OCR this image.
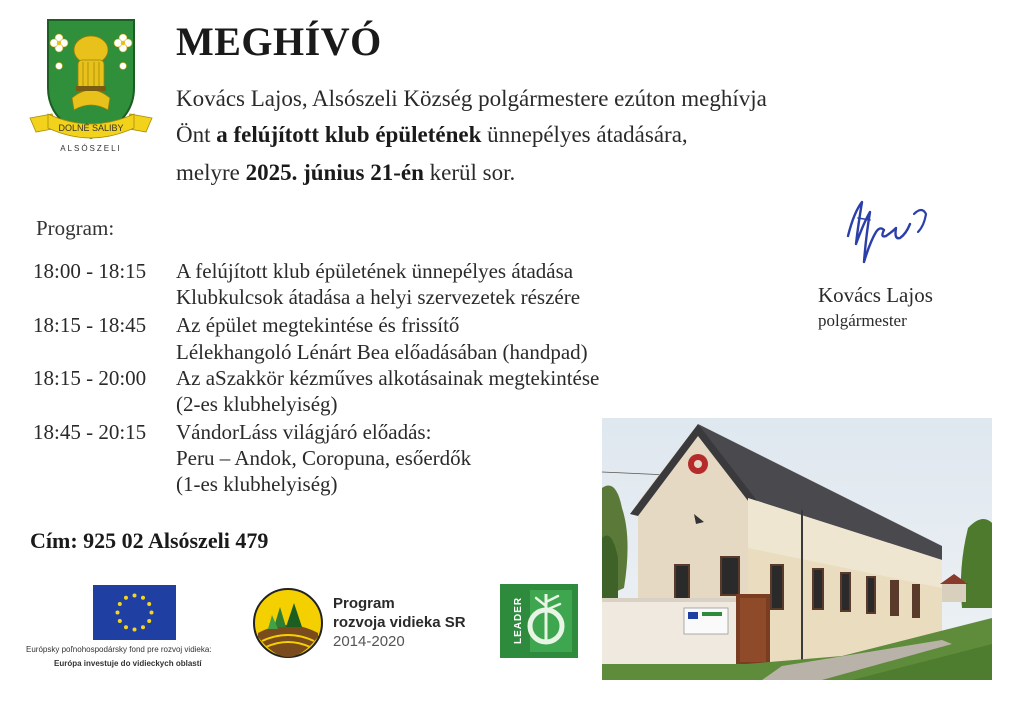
DOLNÉ SALIBY
ALSÓSZELI
MEGHÍVÓ
Kovács Lajos, Alsószeli Község polgármestere ezúton meghívja
Önt a felújított klub épületének ünnepélyes átadására,
melyre 2025. június 21-én kerül sor.
Program:
18:00 - 18:15	A felújított klub épületének ünnepélyes átadása
Klubkulcsok átadása a helyi szervezetek részére
18:15 - 18:45	Az épület megtekintése és frissítő
Lélekhangoló Lénárt Bea előadásában (handpad)
18:15 - 20:00	Az aSzakkör kézműves alkotásainak megtekintése
(2-es klubhelyiség)
18:45 - 20:15	VándorLáss világjáró előadás:
Peru – Andok, Coropuna, esőerdők
(1-es klubhelyiség)
Kovács Lajos
polgármester
Cím: 925 02 Alsószeli 479
Európsky poľnohospodársky fond pre rozvoj vidieka:
Európa investuje do vidieckych oblastí
Program
rozvoja vidieka SR
2014-2020	LEADER
